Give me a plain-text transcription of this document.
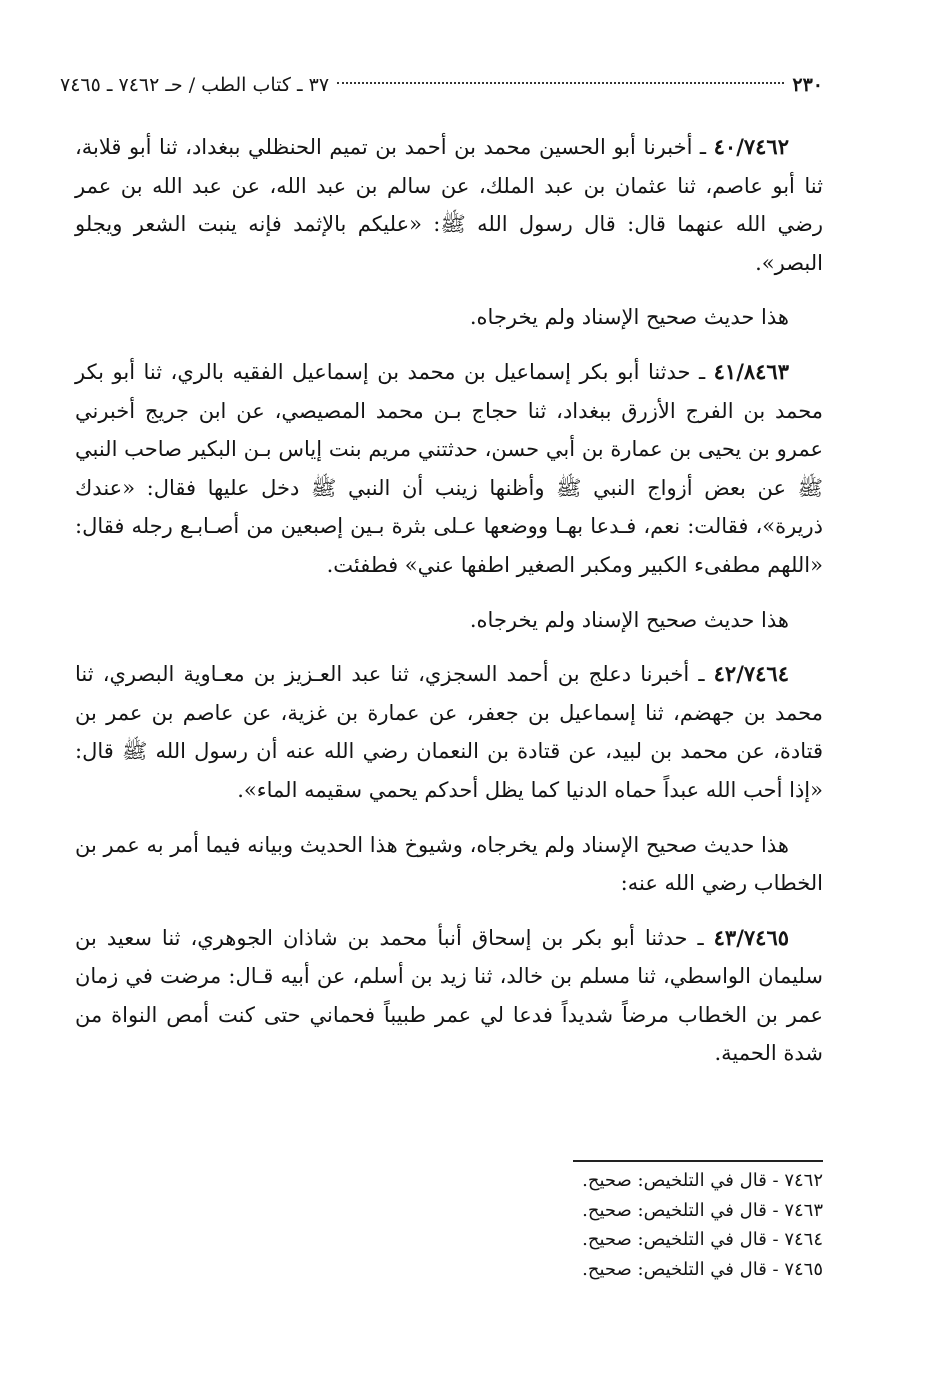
٢٣٠
٣٧ ـ كتاب الطب / حـ ٧٤٦٢ ـ ٧٤٦٥

٤٠/٧٤٦٢ ـ أخبرنا أبو الحسين محمد بن أحمد بن تميم الحنظلي ببغداد، ثنا أبو قلابة، ثنا أبو عاصم، ثنا عثمان بن عبد الملك، عن سالم بن عبد الله، عن عبد الله بن عمر رضي الله عنهما قال: قال رسول الله ﷺ: «عليكم بالإثمد فإنه ينبت الشعر ويجلو البصر».

هذا حديث صحيح الإسناد ولم يخرجاه.

٤١/٨٤٦٣ ـ حدثنا أبو بكر إسماعيل بن محمد بن إسماعيل الفقيه بالري، ثنا أبو بكر محمد بن الفرج الأزرق ببغداد، ثنا حجاج بـن محمد المصيصي، عن ابن جريج أخبرني عمرو بن يحيى بن عمارة بن أبي حسن، حدثتني مريم بنت إياس بـن البكير صاحب النبي ﷺ عن بعض أزواج النبي ﷺ وأظنها زينب أن النبي ﷺ دخل عليها فقال: «عندك ذريرة»، فقالت: نعم، فـدعا بهـا ووضعها عـلى بثرة بـين إصبعين من أصـابـع رجله فقال: «اللهم مطفىء الكبير ومكبر الصغير اطفها عني» فطفئت.

هذا حديث صحيح الإسناد ولم يخرجاه.

٤٢/٧٤٦٤ ـ أخبرنا دعلج بن أحمد السجزي، ثنا عبد العـزيز بن معـاوية البصري، ثنا محمد بن جهضم، ثنا إسماعيل بن جعفر، عن عمارة بن غزية، عن عاصم بن عمر بن قتادة، عن محمد بن لبيد، عن قتادة بن النعمان رضي الله عنه أن رسول الله ﷺ قال: «إذا أحب الله عبداً حماه الدنيا كما يظل أحدكم يحمي سقيمه الماء».

هذا حديث صحيح الإسناد ولم يخرجاه، وشيوخ هذا الحديث وبيانه فيما أمر به عمر بن الخطاب رضي الله عنه:

٤٣/٧٤٦٥ ـ حدثنا أبو بكر بن إسحاق أنبأ محمد بن شاذان الجوهري، ثنا سعيد بن سليمان الواسطي، ثنا مسلم بن خالد، ثنا زيد بن أسلم، عن أبيه قـال: مرضت في زمان عمر بن الخطاب مرضاً شديداً فدعا لي عمر طبيباً فحماني حتى كنت أمص النواة من شدة الحمية.

٧٤٦٢ - قال في التلخيص: صحيح.

٧٤٦٣ - قال في التلخيص: صحيح.

٧٤٦٤ - قال في التلخيص: صحيح.

٧٤٦٥ - قال في التلخيص: صحيح.
